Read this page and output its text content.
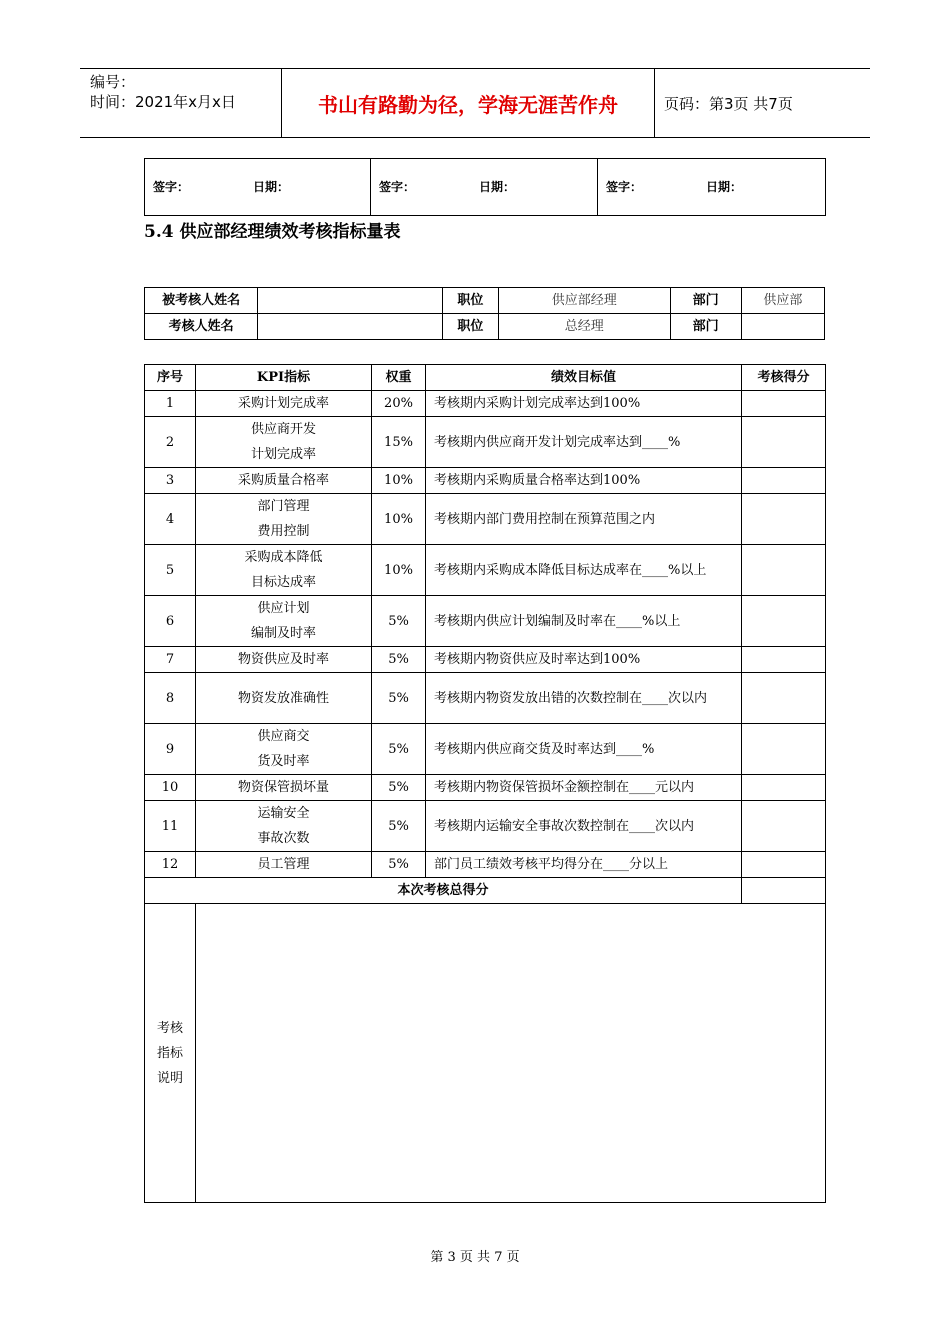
编号：
时间：2021年x月x日	书山有路勤为径，学海无涯苦作舟	页码：第3页 共7页
签字：	日期：	签字：	日期：	签字：	日期：
5.4 供应部经理绩效考核指标量表
被考核人姓名		职位	供应部经理	部门	供应部
考核人姓名		职位	总经理	部门	
序号	KPI指标	权重	绩效目标值	考核得分
1	采购计划完成率	20%	考核期内采购计划完成率达到100%	
2	供应商开发
计划完成率	15%	考核期内供应商开发计划完成率达到____%	
3	采购质量合格率	10%	考核期内采购质量合格率达到100%	
4	部门管理
费用控制	10%	考核期内部门费用控制在预算范围之内	
5	采购成本降低
目标达成率	10%	考核期内采购成本降低目标达成率在____%以上	
6	供应计划
编制及时率	5%	考核期内供应计划编制及时率在____%以上	
7	物资供应及时率	5%	考核期内物资供应及时率达到100%	
8	物资发放准确性	5%	考核期内物资发放出错的次数控制在____次以内	
9	供应商交
货及时率	5%	考核期内供应商交货及时率达到____%	
10	物资保管损坏量	5%	考核期内物资保管损坏金额控制在____元以内	
11	运输安全
事故次数	5%	考核期内运输安全事故次数控制在____次以内	
12	员工管理	5%	部门员工绩效考核平均得分在____分以上	
本次考核总得分				
考核
指标
说明				
第 3 页 共 7 页
